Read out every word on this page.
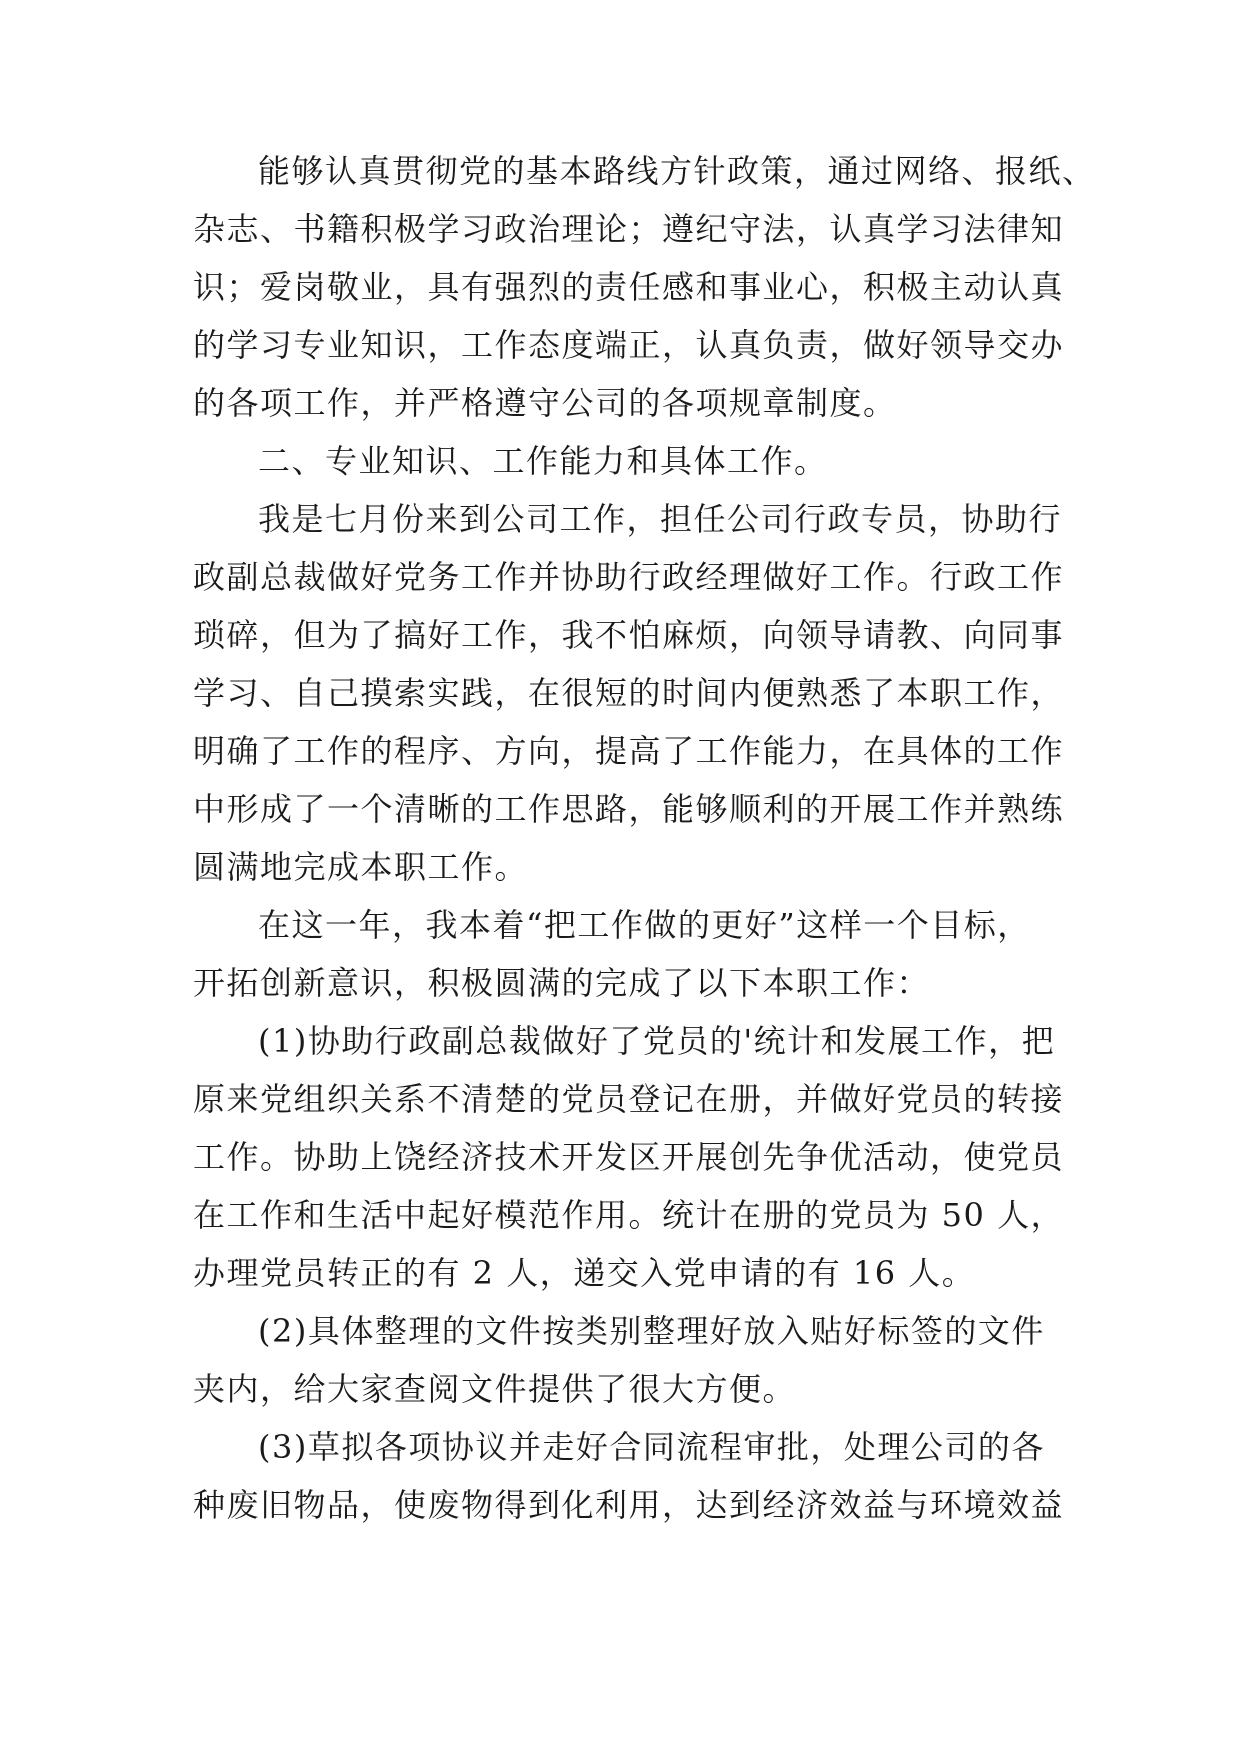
能够认真贯彻党的基本路线方针政策，通过网络、报纸、
杂志、书籍积极学习政治理论；遵纪守法，认真学习法律知
识；爱岗敬业，具有强烈的责任感和事业心，积极主动认真
的学习专业知识，工作态度端正，认真负责，做好领导交办
的各项工作，并严格遵守公司的各项规章制度。
二、专业知识、工作能力和具体工作。
我是七月份来到公司工作，担任公司行政专员，协助行
政副总裁做好党务工作并协助行政经理做好工作。行政工作
琐碎，但为了搞好工作，我不怕麻烦，向领导请教、向同事
学习、自己摸索实践，在很短的时间内便熟悉了本职工作，
明确了工作的程序、方向，提高了工作能力，在具体的工作
中形成了一个清晰的工作思路，能够顺利的开展工作并熟练
圆满地完成本职工作。
在这一年，我本着“把工作做的更好”这样一个目标，
开拓创新意识，积极圆满的完成了以下本职工作：
(1)协助行政副总裁做好了党员的'统计和发展工作，把
原来党组织关系不清楚的党员登记在册，并做好党员的转接
工作。协助上饶经济技术开发区开展创先争优活动，使党员
在工作和生活中起好模范作用。统计在册的党员为 50 人，
办理党员转正的有 2 人，递交入党申请的有 16 人。
(2)具体整理的文件按类别整理好放入贴好标签的文件
夹内，给大家查阅文件提供了很大方便。
(3)草拟各项协议并走好合同流程审批，处理公司的各
种废旧物品，使废物得到化利用，达到经济效益与环境效益
